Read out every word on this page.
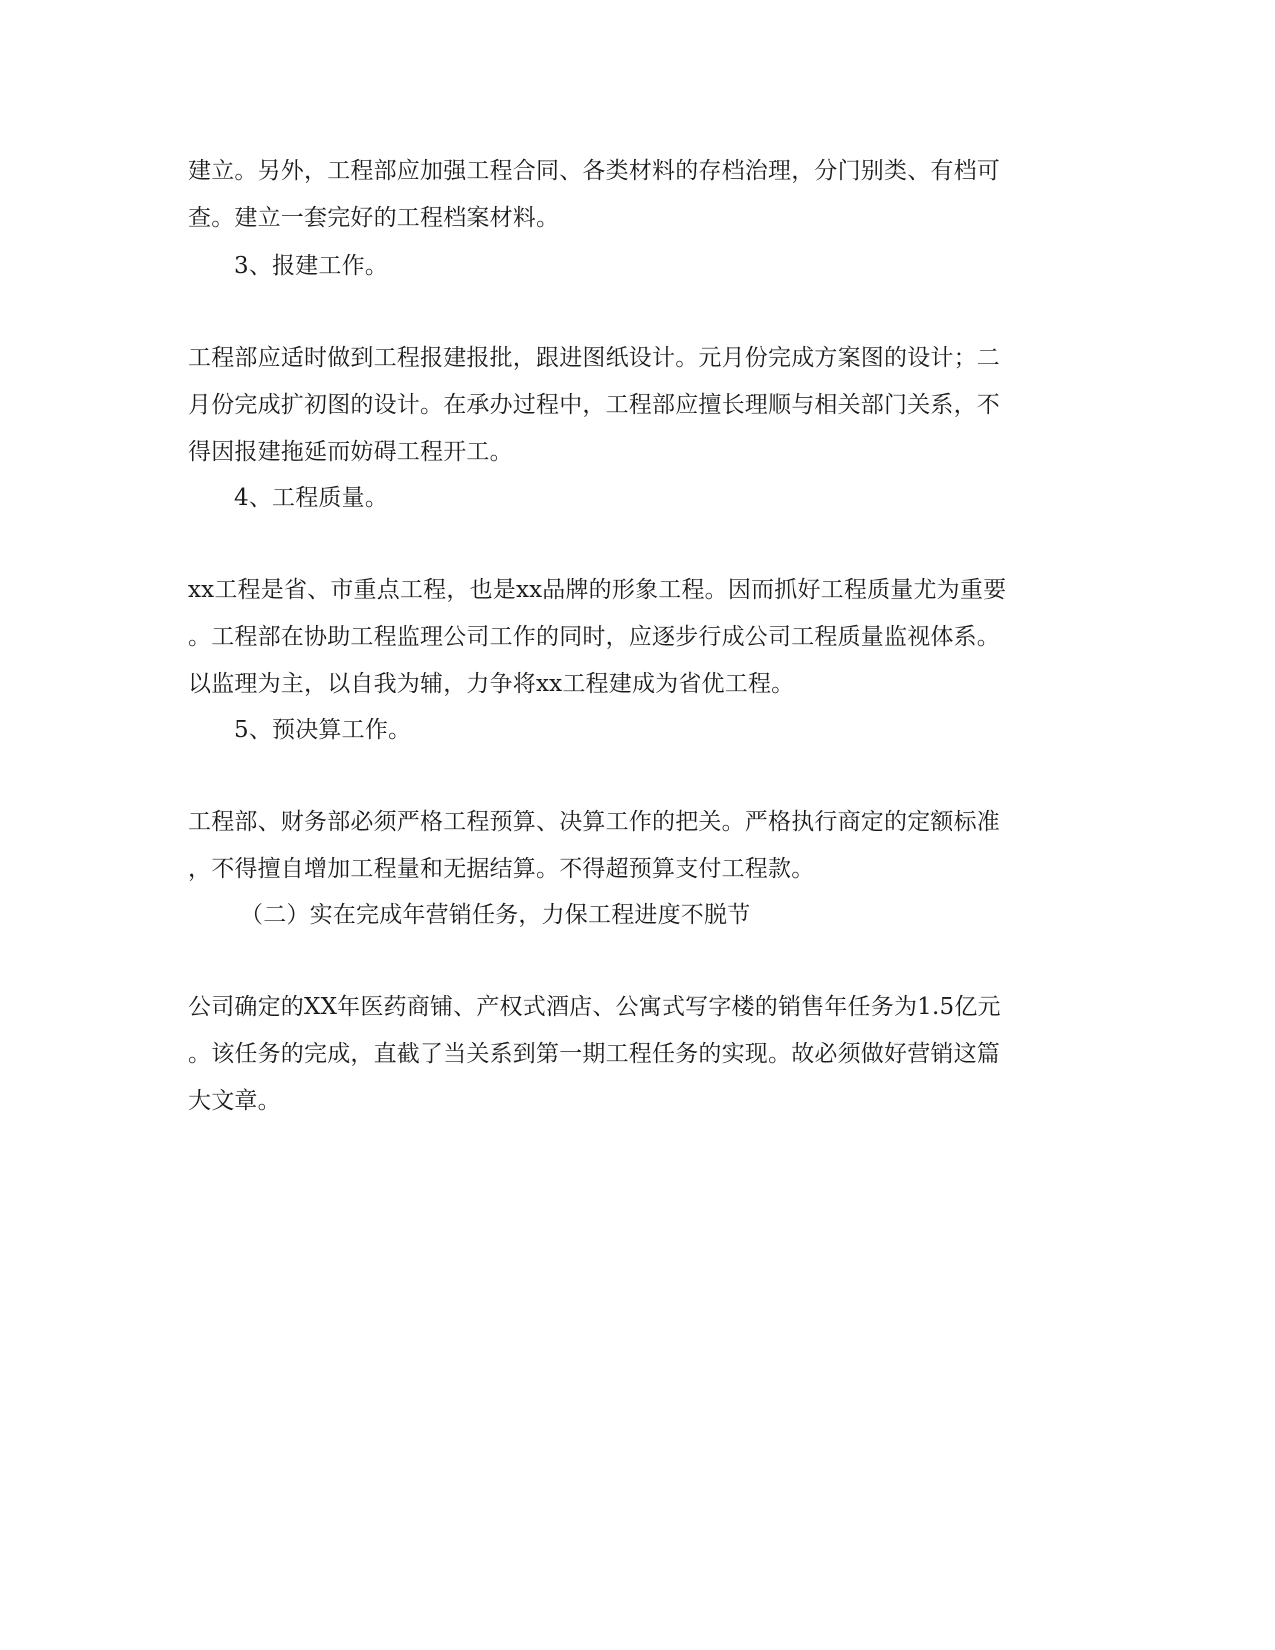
建立。另外，工程部应加强工程合同、各类材料的存档治理，分门别类、有档可
查。建立一套完好的工程档案材料。
3、报建工作。
工程部应适时做到工程报建报批，跟进图纸设计。元月份完成方案图的设计；二
月份完成扩初图的设计。在承办过程中，工程部应擅长理顺与相关部门关系，不
得因报建拖延而妨碍工程开工。
4、工程质量。
xx工程是省、市重点工程，也是xx品牌的形象工程。因而抓好工程质量尤为重要
。工程部在协助工程监理公司工作的同时，应逐步行成公司工程质量监视体系。
以监理为主，以自我为辅，力争将xx工程建成为省优工程。
5、预决算工作。
工程部、财务部必须严格工程预算、决算工作的把关。严格执行商定的定额标准
，不得擅自增加工程量和无据结算。不得超预算支付工程款。
（二）实在完成年营销任务，力保工程进度不脱节
公司确定的XX年医药商铺、产权式酒店、公寓式写字楼的销售年任务为1.5亿元
。该任务的完成，直截了当关系到第一期工程任务的实现。故必须做好营销这篇
大文章。
